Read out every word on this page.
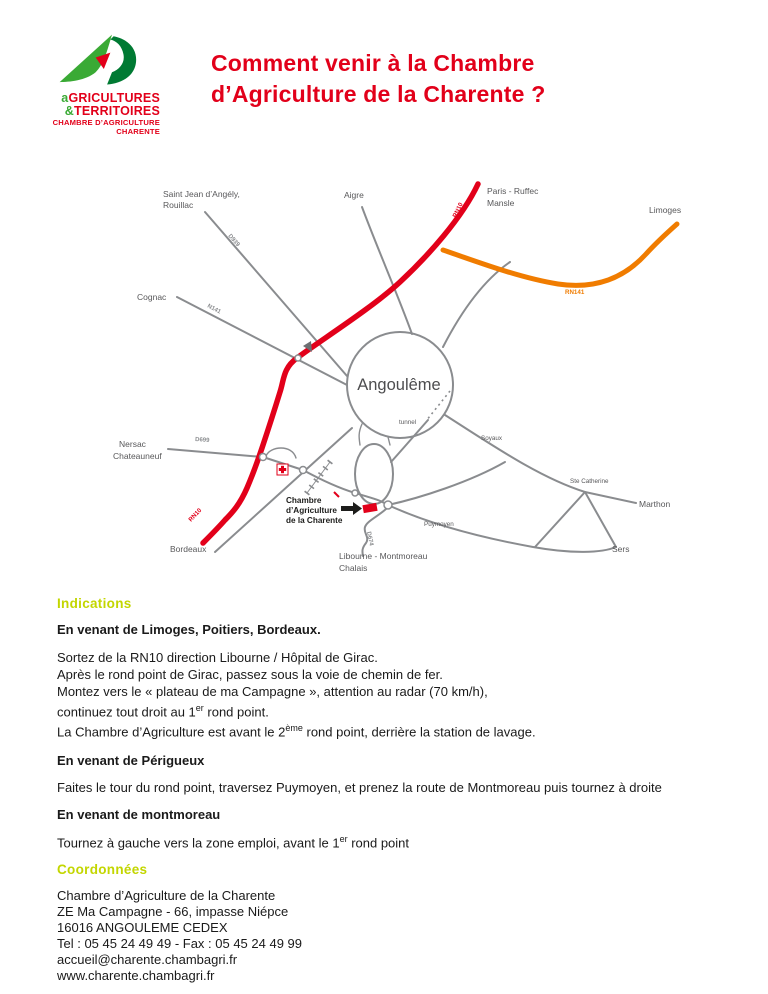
aGRICULTURES
&TERRITOIRES
CHAMBRE D’AGRICULTURE
CHARENTE
Comment venir à la Chambre
d’Agriculture de la Charente ?
Saint Jean d’Angély,
Rouillac
Aigre	Paris - Ruffec
Mansle
Limoges
Cognac
Nersac
Chateauneuf
Bordeaux
Libourne - Montmoreau
Chalais
Angoulême
tunnel
Soyaux
Ste Catherine
Marthon
Puymoyen
Sers
RN10
RN10
RN141
D939
N141
D699
D674
Chambre
d’Agriculture
de la Charente
Indications

En venant de Limoges, Poitiers, Bordeaux.

Sortez de la RN10 direction Libourne / Hôpital de Girac.
Après le rond point de Girac, passez sous la voie de chemin de fer.
Montez vers le « plateau de ma Campagne », attention au radar (70 km/h),
continuez tout droit au 1er rond point.
La Chambre d’Agriculture est avant le 2ème rond point, derrière la station de lavage.

En venant de Périgueux

Faites le tour du rond point, traversez Puymoyen, et prenez la route de Montmoreau puis tournez à droite

En venant de montmoreau

Tournez à gauche vers la zone emploi, avant le 1er rond point

Coordonnées

Chambre d’Agriculture de la Charente

ZE Ma Campagne - 66, impasse Niépce

16016 ANGOULEME CEDEX

Tel : 05 45 24 49 49 - Fax : 05 45 24 49 99

accueil@charente.chambagri.fr

www.charente.chambagri.fr
